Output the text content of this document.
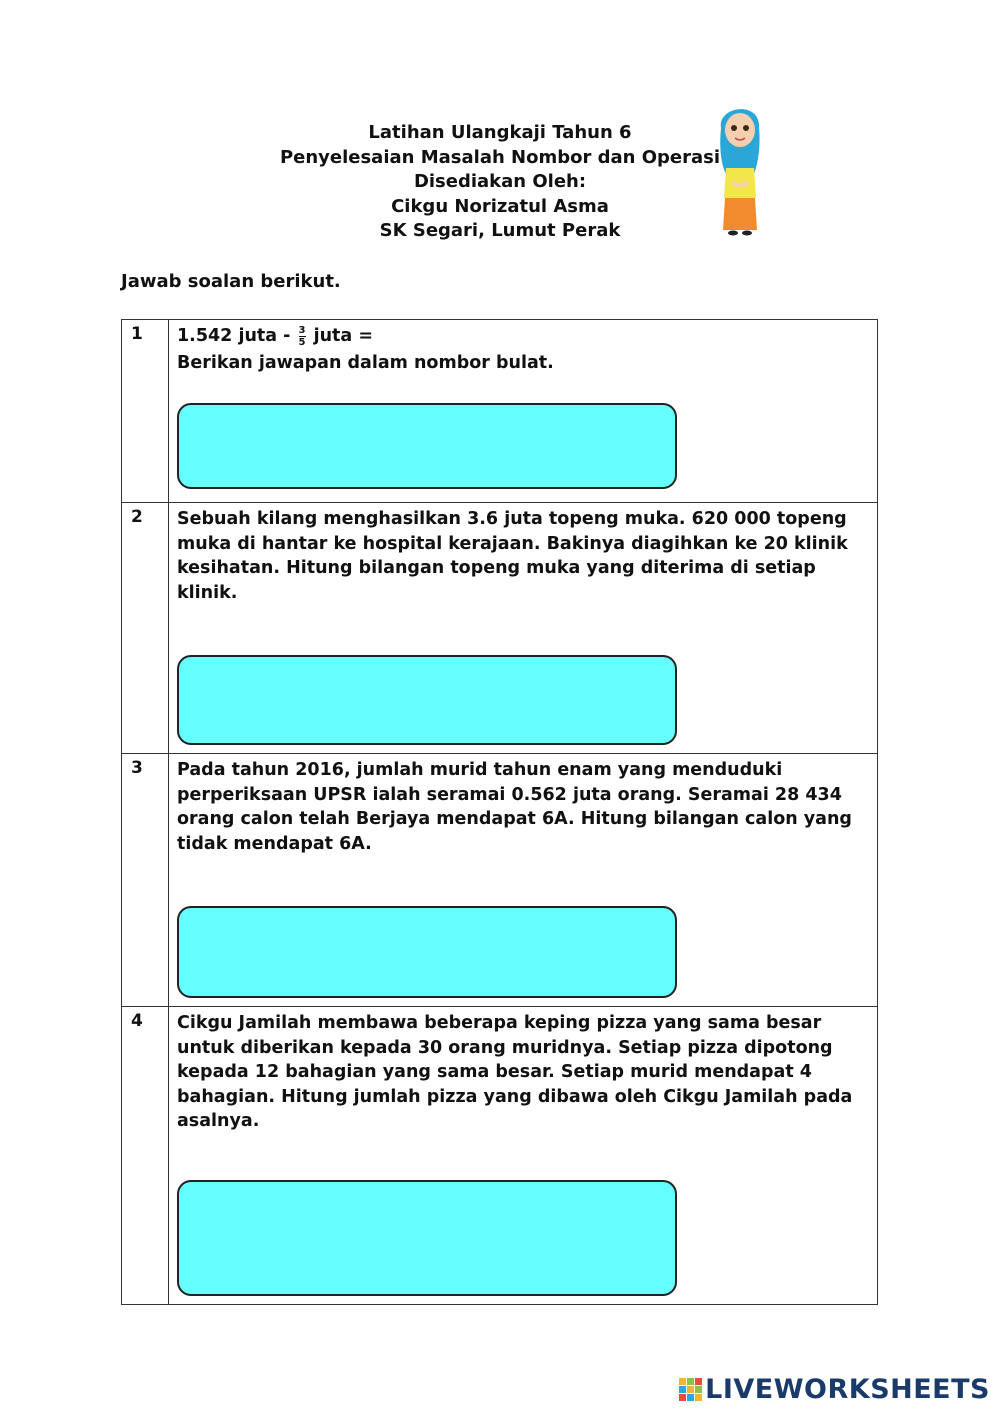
Latihan Ulangkaji Tahun 6
Penyelesaian Masalah Nombor dan Operasi
Disediakan Oleh:
Cikgu Norizatul Asma
SK Segari, Lumut Perak
Jawab soalan berikut.
1	1.542 juta - $\frac{3}{5}$ juta =
Berikan jawapan dalam nombor bulat.

2	Sebuah kilang menghasilkan 3.6 juta topeng muka. 620 000 topeng muka di hantar ke hospital kerajaan. Bakinya diagihkan ke 20 klinik kesihatan. Hitung bilangan topeng muka yang diterima di setiap klinik.

3	Pada tahun 2016, jumlah murid tahun enam yang menduduki perperiksaan UPSR ialah seramai 0.562 juta orang. Seramai 28 434 orang calon telah Berjaya mendapat 6A. Hitung bilangan calon yang tidak mendapat 6A.

4	Cikgu Jamilah membawa beberapa keping pizza yang sama besar untuk diberikan kepada 30 orang muridnya. Setiap pizza dipotong kepada 12 bahagian yang sama besar. Setiap murid mendapat 4 bahagian. Hitung jumlah pizza yang dibawa oleh Cikgu Jamilah pada asalnya.
LIVEWORKSHEETS
